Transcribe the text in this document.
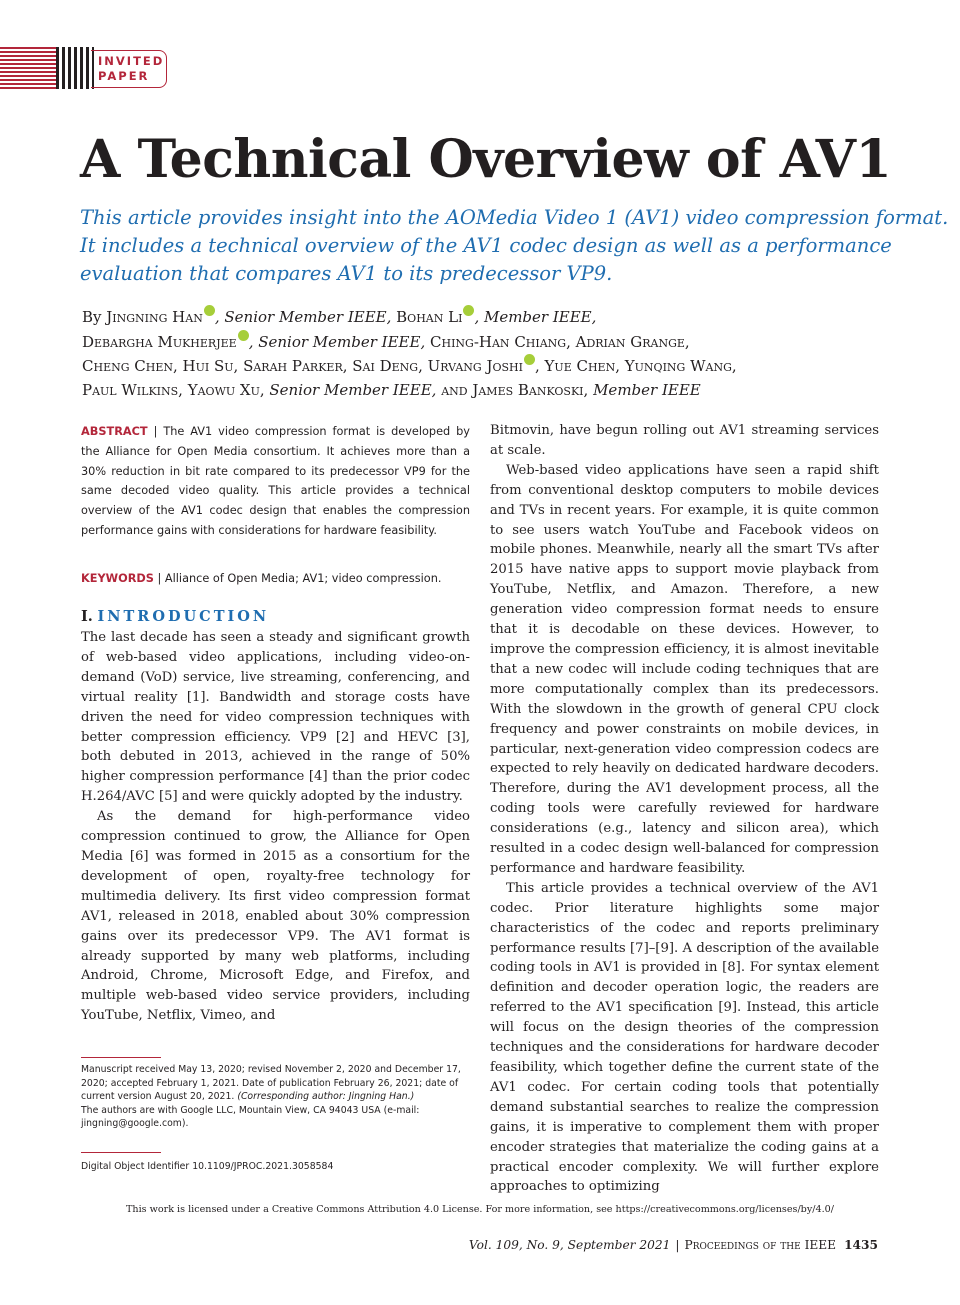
INVITED
PAPER
A Technical Overview of AV1
This article provides insight into the AOMedia Video 1 (AV1) video compression format.
It includes a technical overview of the AV1 codec design as well as a performance
evaluation that compares AV1 to its predecessor VP9.
By Jingning Han , Senior Member IEEE, Bohan Li , Member IEEE,
Debargha Mukherjee , Senior Member IEEE, Ching-Han Chiang, Adrian Grange,
Cheng Chen, Hui Su, Sarah Parker, Sai Deng, Urvang Joshi , Yue Chen, Yunqing Wang,
Paul Wilkins, Yaowu Xu, Senior Member IEEE, and James Bankoski, Member IEEE
ABSTRACT | The AV1 video compression format is developed by the Alliance for Open Media consortium. It achieves more than a 30% reduction in bit rate compared to its predecessor VP9 for the same decoded video quality. This article provides a technical overview of the AV1 codec design that enables the compression performance gains with considerations for hardware feasibility.
KEYWORDS | Alliance of Open Media; AV1; video compression.
I. INTRODUCTION

The last decade has seen a steady and significant growth of web-based video applications, including video-on-demand (VoD) service, live streaming, conferencing, and virtual reality [1]. Bandwidth and storage costs have driven the need for video compression techniques with better compression efficiency. VP9 [2] and HEVC [3], both debuted in 2013, achieved in the range of 50% higher compression performance [4] than the prior codec H.264/AVC [5] and were quickly adopted by the industry.

As the demand for high-performance video compression continued to grow, the Alliance for Open Media [6] was formed in 2015 as a consortium for the development of open, royalty-free technology for multimedia delivery. Its first video compression format AV1, released in 2018, enabled about 30% compression gains over its predecessor VP9. The AV1 format is already supported by many web platforms, including Android, Chrome, Microsoft Edge, and Firefox, and multiple web-based video service providers, including YouTube, Netflix, Vimeo, and

Bitmovin, have begun rolling out AV1 streaming services at scale.

Web-based video applications have seen a rapid shift from conventional desktop computers to mobile devices and TVs in recent years. For example, it is quite common to see users watch YouTube and Facebook videos on mobile phones. Meanwhile, nearly all the smart TVs after 2015 have native apps to support movie playback from YouTube, Netflix, and Amazon. Therefore, a new generation video compression format needs to ensure that it is decodable on these devices. However, to improve the compression efficiency, it is almost inevitable that a new codec will include coding techniques that are more computationally complex than its predecessors. With the slowdown in the growth of general CPU clock frequency and power constraints on mobile devices, in particular, next-generation video compression codecs are expected to rely heavily on dedicated hardware decoders. Therefore, during the AV1 development process, all the coding tools were carefully reviewed for hardware considerations (e.g., latency and silicon area), which resulted in a codec design well-balanced for compression performance and hardware feasibility.

This article provides a technical overview of the AV1 codec. Prior literature highlights some major characteristics of the codec and reports preliminary performance results [7]–[9]. A description of the available coding tools in AV1 is provided in [8]. For syntax element definition and decoder operation logic, the readers are referred to the AV1 specification [9]. Instead, this article will focus on the design theories of the compression techniques and the considerations for hardware decoder feasibility, which together define the current state of the AV1 codec. For certain coding tools that potentially demand substantial searches to realize the compression gains, it is imperative to complement them with proper encoder strategies that materialize the coding gains at a practical encoder complexity. We will further explore approaches to optimizing

Manuscript received May 13, 2020; revised November 2, 2020 and December 17, 2020; accepted February 1, 2021. Date of publication February 26, 2021; date of current version August 20, 2021. (Corresponding author: Jingning Han.)

The authors are with Google LLC, Mountain View, CA 94043 USA (e-mail: jingning@google.com).

Digital Object Identifier 10.1109/JPROC.2021.3058584
This work is licensed under a Creative Commons Attribution 4.0 License. For more information, see https://creativecommons.org/licenses/by/4.0/
Vol. 109, No. 9, September 2021 | Proceedings of the IEEE 1435
